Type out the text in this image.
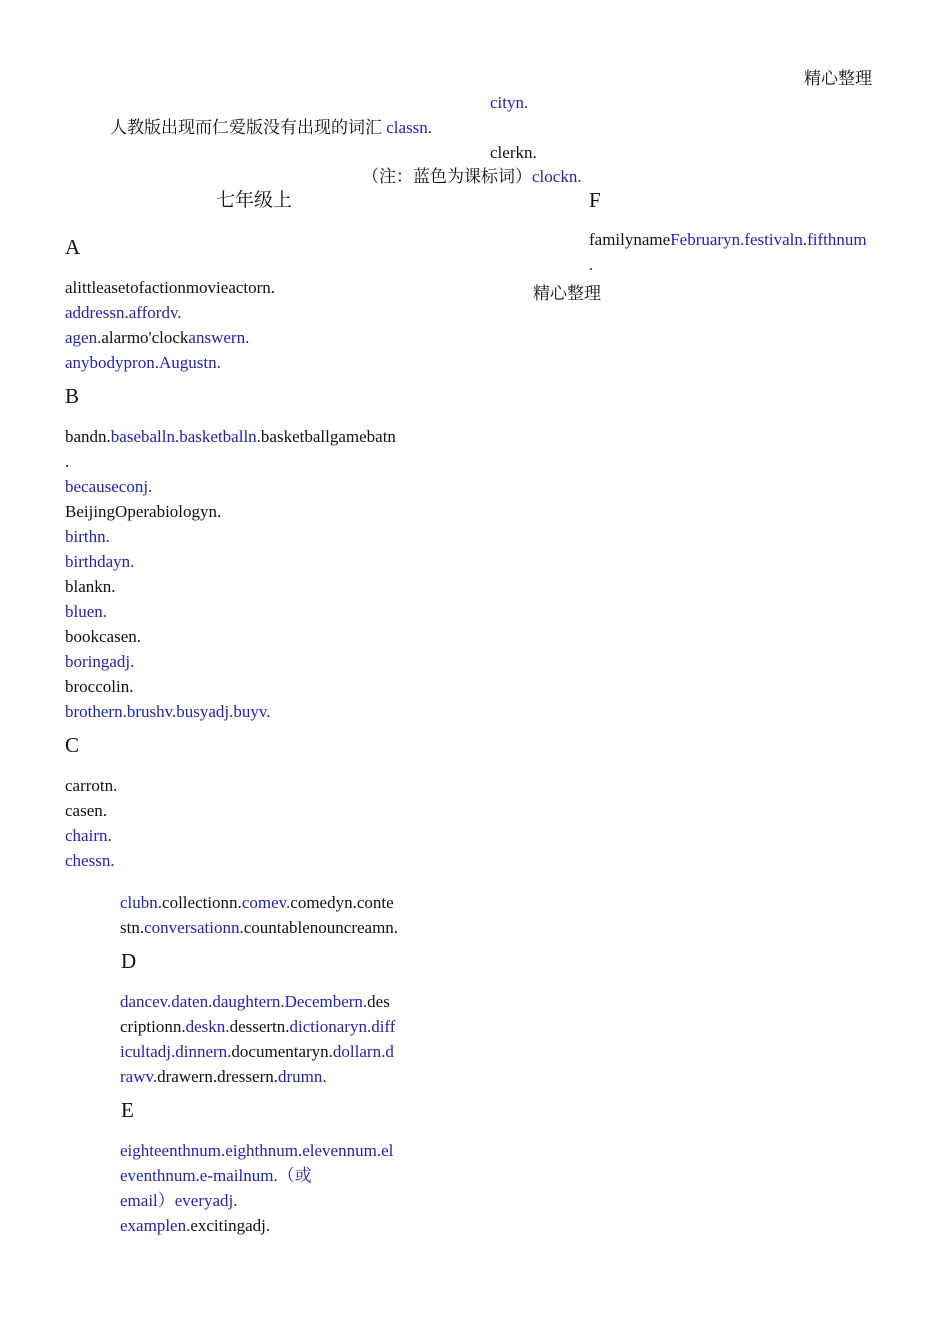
精心整理
cityn.
人教版出现而仁爱版没有出现的词汇 classn.
clerkn.
（注：蓝色为课标词）clockn.
七年级上
A
alittleasetofactionmovieactorn.
addressn.affordv.
agen.alarmo'clockanswern.
anybodypron.Augustn.
B
bandn.baseballn.basketballn.basketballgamebatn
.
becauseconj.
BeijingOperabiologyn.
birthn.
birthdayn.
blankn.
bluen.
bookcasen.
boringadj.
broccolin.
brothern.brushv.busyadj.buyv.
C
carrotn.
casen.
chairn.
chessn.
clubn.collectionn.comev.comedyn.conte
stn.conversationn.countablenouncreamn.
D
dancev.daten.daughtern.Decembern.des
criptionn.deskn.dessertn.dictionaryn.diff
icultadj.dinnern.documentaryn.dollarn.d
rawv.drawern.dressern.drumn.
E
eighteenthnum.eighthnum.elevennum.el
eventhnum.e-mailnum.（或
email）everyadj.
examplen.excitingadj.
F
familynameFebruaryn.festivaln.fifthnum
.
精心整理
